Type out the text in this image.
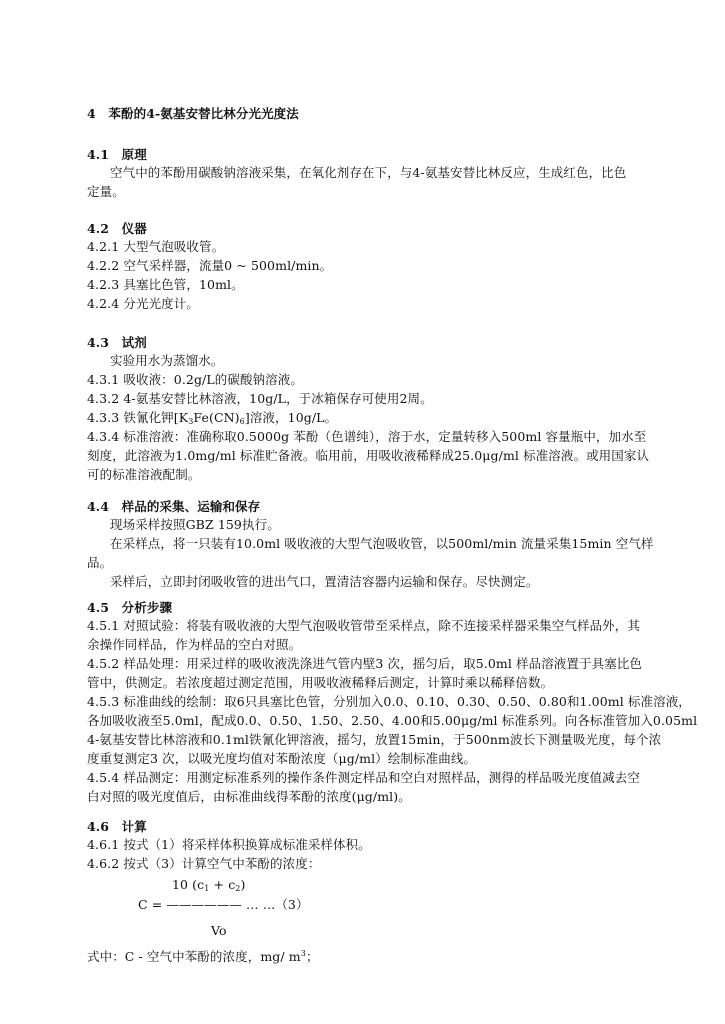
4　苯酚的4-氨基安替比林分光光度法
4.1　原理
空气中的苯酚用碳酸钠溶液采集，在氧化剂存在下，与4-氨基安替比林反应，生成红色，比色
定量。
4.2　仪器
4.2.1 大型气泡吸收管。
4.2.2 空气采样器，流量0 ~ 500ml/min。
4.2.3 具塞比色管，10ml。
4.2.4 分光光度计。
4.3　试剂
实验用水为蒸馏水。
4.3.1 吸收液：0.2g/L的碳酸钠溶液。
4.3.2 4-氨基安替比林溶液，10g/L，于冰箱保存可使用2周。
4.3.3 铁氰化钾$[K_3Fe(CN)_6]$溶液，10g/L。
4.3.4 标准溶液：准确称取0.5000g 苯酚（色谱纯），溶于水，定量转移入500ml 容量瓶中，加水至
刻度，此溶液为1.0mg/ml 标准贮备液。临用前，用吸收液稀释成25.0μg/ml 标准溶液。或用国家认
可的标准溶液配制。
4.4　样品的采集、运输和保存
现场采样按照GBZ 159执行。
在采样点，将一只装有10.0ml 吸收液的大型气泡吸收管，以500ml/min 流量采集15min 空气样
品。
采样后，立即封闭吸收管的进出气口，置清洁容器内运输和保存。尽快测定。
4.5　分析步骤
4.5.1 对照试验：将装有吸收液的大型气泡吸收管带至采样点，除不连接采样器采集空气样品外，其
余操作同样品，作为样品的空白对照。
4.5.2 样品处理：用采过样的吸收液洗涤进气管内壁3 次，摇匀后，取5.0ml 样品溶液置于具塞比色
管中，供测定。若浓度超过测定范围，用吸收液稀释后测定，计算时乘以稀释倍数。
4.5.3 标准曲线的绘制：取6只具塞比色管，分别加入0.0、0.10、0.30、0.50、0.80和1.00ml 标准溶液，
各加吸收液至5.0ml，配成0.0、0.50、1.50、2.50、4.00和5.00μg/ml 标准系列。向各标准管加入0.05ml
4-氨基安替比林溶液和0.1ml铁氰化钾溶液，摇匀，放置15min，于500nm波长下测量吸光度，每个浓
度重复测定3 次，以吸光度均值对苯酚浓度（μg/ml）绘制标准曲线。
4.5.4 样品测定：用测定标准系列的操作条件测定样品和空白对照样品，测得的样品吸光度值减去空
白对照的吸光度值后，由标准曲线得苯酚的浓度(μg/ml)。
4.6　计算
4.6.1 按式（1）将采样体积换算成标准采样体积。
4.6.2 按式（3）计算空气中苯酚的浓度：
10 $(c_1 + c_2)$
C = —————— … …（3）
Vo
式中：C - 空气中苯酚的浓度，mg/ $m^3$；
